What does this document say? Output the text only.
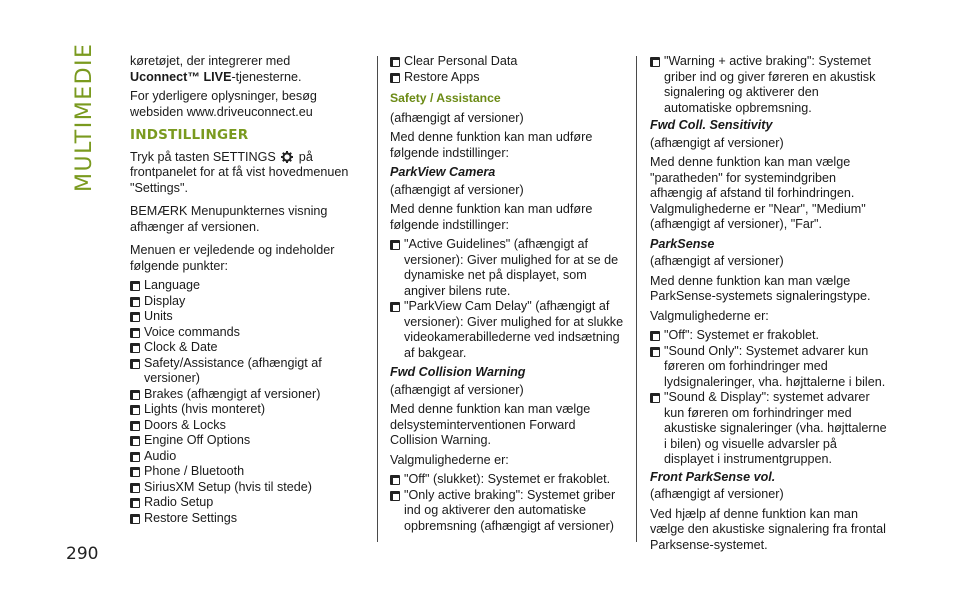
MULTIMEDIE
290

køretøjet, der integrerer med Uconnect™ LIVE-tjenesterne.

For yderligere oplysninger, besøg websiden www.driveuconnect.eu

INDSTILLINGER

Tryk på tasten SETTINGS  på frontpanelet for at få vist hovedmenuen "Settings".

BEMÆRK Menupunkternes visning afhænger af versionen.

Menuen er vejledende og indeholder følgende punkter:

Language
Display
Units
Voice commands
Clock & Date
Safety/Assistance (afhængigt af versioner)
Brakes (afhængigt af versioner)
Lights (hvis monteret)
Doors & Locks
Engine Off Options
Audio
Phone / Bluetooth
SiriusXM Setup (hvis til stede)
Radio Setup
Restore Settings
Clear Personal Data
Restore Apps
Safety / Assistance

(afhængigt af versioner)

Med denne funktion kan man udføre følgende indstillinger:

ParkView Camera

(afhængigt af versioner)

Med denne funktion kan man udføre følgende indstillinger:

"Active Guidelines" (afhængigt af versioner): Giver mulighed for at se de dynamiske net på displayet, som angiver bilens rute.
"ParkView Cam Delay" (afhængigt af versioner): Giver mulighed for at slukke videokamerabillederne ved indsætning af bakgear.
Fwd Collision Warning

(afhængigt af versioner)

Med denne funktion kan man vælge delsysteminterventionen Forward Collision Warning.

Valgmulighederne er:

"Off" (slukket): Systemet er frakoblet.
"Only active braking": Systemet griber ind og aktiverer den automatiske opbremsning (afhængigt af versioner)
"Warning + active braking": Systemet griber ind og giver føreren en akustisk signalering og aktiverer den automatiske opbremsning.
Fwd Coll. Sensitivity

(afhængigt af versioner)

Med denne funktion kan man vælge "paratheden" for systemindgriben afhængig af afstand til forhindringen. Valgmulighederne er "Near", "Medium" (afhængigt af versioner), "Far".

ParkSense

(afhængigt af versioner)

Med denne funktion kan man vælge ParkSense-systemets signaleringstype.

Valgmulighederne er:

"Off": Systemet er frakoblet.
"Sound Only": Systemet advarer kun føreren om forhindringer med lydsignaleringer, vha. højttalerne i bilen.
"Sound & Display": systemet advarer kun føreren om forhindringer med akustiske signaleringer (vha. højttalerne i bilen) og visuelle advarsler på displayet i instrumentgruppen.
Front ParkSense vol.

(afhængigt af versioner)

Ved hjælp af denne funktion kan man vælge den akustiske signalering fra frontal Parksense-systemet.
